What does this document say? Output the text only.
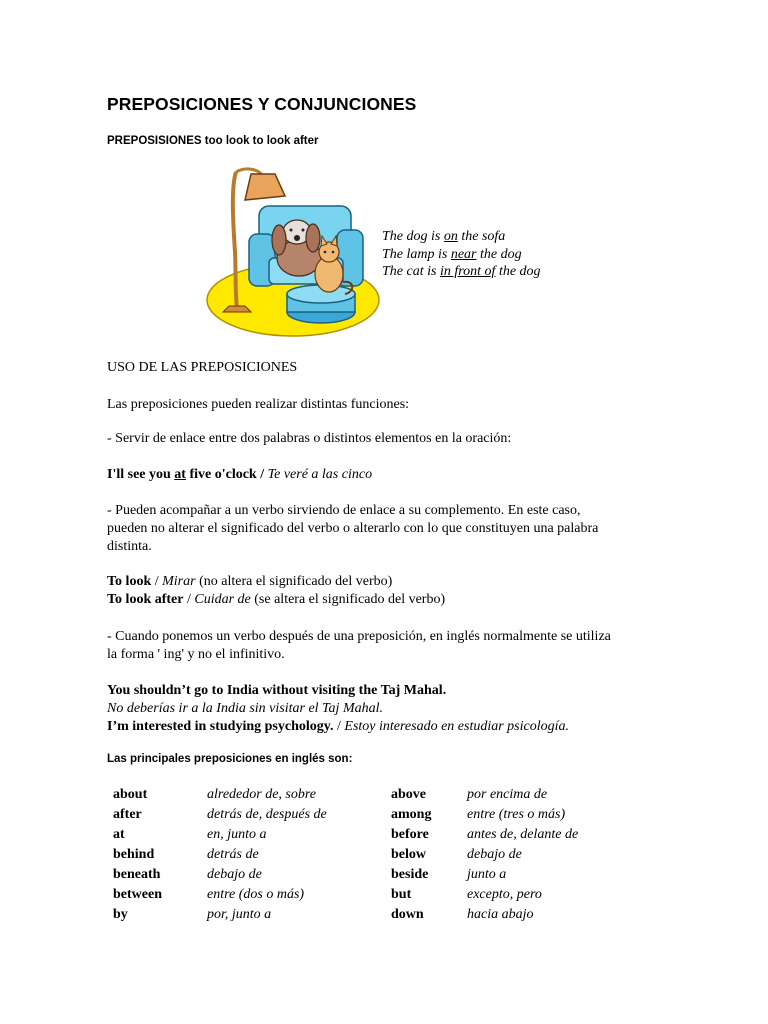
PREPOSICIONES Y CONJUNCIONES
PREPOSISIONES too look to look after
The dog is on the sofa
The lamp is near the dog
The cat is in front of the dog
USO DE LAS PREPOSICIONES
Las preposiciones pueden realizar distintas funciones:
- Servir de enlace entre dos palabras o distintos elementos en la oración:
I'll see you at five o'clock / Te veré a las cinco
- Pueden acompañar a un verbo sirviendo de enlace a su complemento. En este caso,
pueden no alterar el significado del verbo o alterarlo con lo que constituyen una palabra
distinta.
To look / Mirar (no altera el significado del verbo)
To look after / Cuidar de (se altera el significado del verbo)
- Cuando ponemos un verbo después de una preposición, en inglés normalmente se utiliza
la forma ' ing' y no el infinitivo.
You shouldn’t go to India without visiting the Taj Mahal.
No deberías ir a la India sin visitar el Taj Mahal.
I’m interested in studying psychology. / Estoy interesado en estudiar psicología.
Las principales preposiciones en inglés son:
about	alrededor de, sobre	above	por encima de
after	detrás de, después de	among	entre (tres o más)
at	en, junto a	before	antes de, delante de
behind	detrás de	below	debajo de
beneath	debajo de	beside	junto a
between	entre (dos o más)	but	excepto, pero
by	por, junto a	down	hacia abajo
